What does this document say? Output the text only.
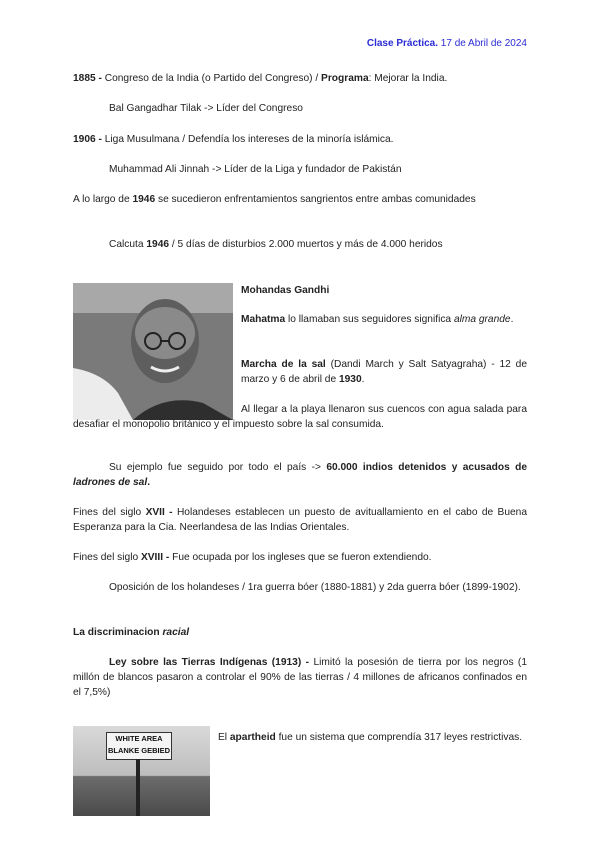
Clase Práctica. 17 de Abril de 2024

1885 - Congreso de la India (o Partido del Congreso) / Programa: Mejorar la India.

Bal Gangadhar Tilak -> Líder del Congreso

1906 - Liga Musulmana / Defendía los intereses de la minoría islámica.

Muhammad Ali Jinnah -> Líder de la Liga y fundador de Pakistán

A lo largo de 1946 se sucedieron enfrentamientos sangrientos entre ambas comunidades

Calcuta 1946 / 5 días de disturbios 2.000 muertos y más de 4.000 heridos

Mohandas Gandhi

Mahatma lo llamaban sus seguidores significa alma grande.

Marcha de la sal (Dandi March y Salt Satyagraha) - 12 de marzo y 6 de abril de 1930.

Al llegar a la playa llenaron sus cuencos con agua salada para desafiar el monopolio británico y el impuesto sobre la sal consumida.

Su ejemplo fue seguido por todo el país -> 60.000 indios detenidos y acusados de ladrones de sal.

Fines del siglo XVII - Holandeses establecen un puesto de avituallamiento en el cabo de Buena Esperanza para la Cia. Neerlandesa de las Indias Orientales.

Fines del siglo XVIII - Fue ocupada por los ingleses que se fueron extendiendo.

Oposición de los holandeses / 1ra guerra bóer (1880-1881) y 2da guerra bóer (1899-1902).

La discriminacion racial

Ley sobre las Tierras Indígenas (1913) - Limitó la posesión de tierra por los negros (1 millón de blancos pasaron a controlar el 90% de las tierras / 4 millones de africanos confinados en el 7,5%)

WHITE AREA
BLANKE GEBIED

El apartheid fue un sistema que comprendía 317 leyes restrictivas.
